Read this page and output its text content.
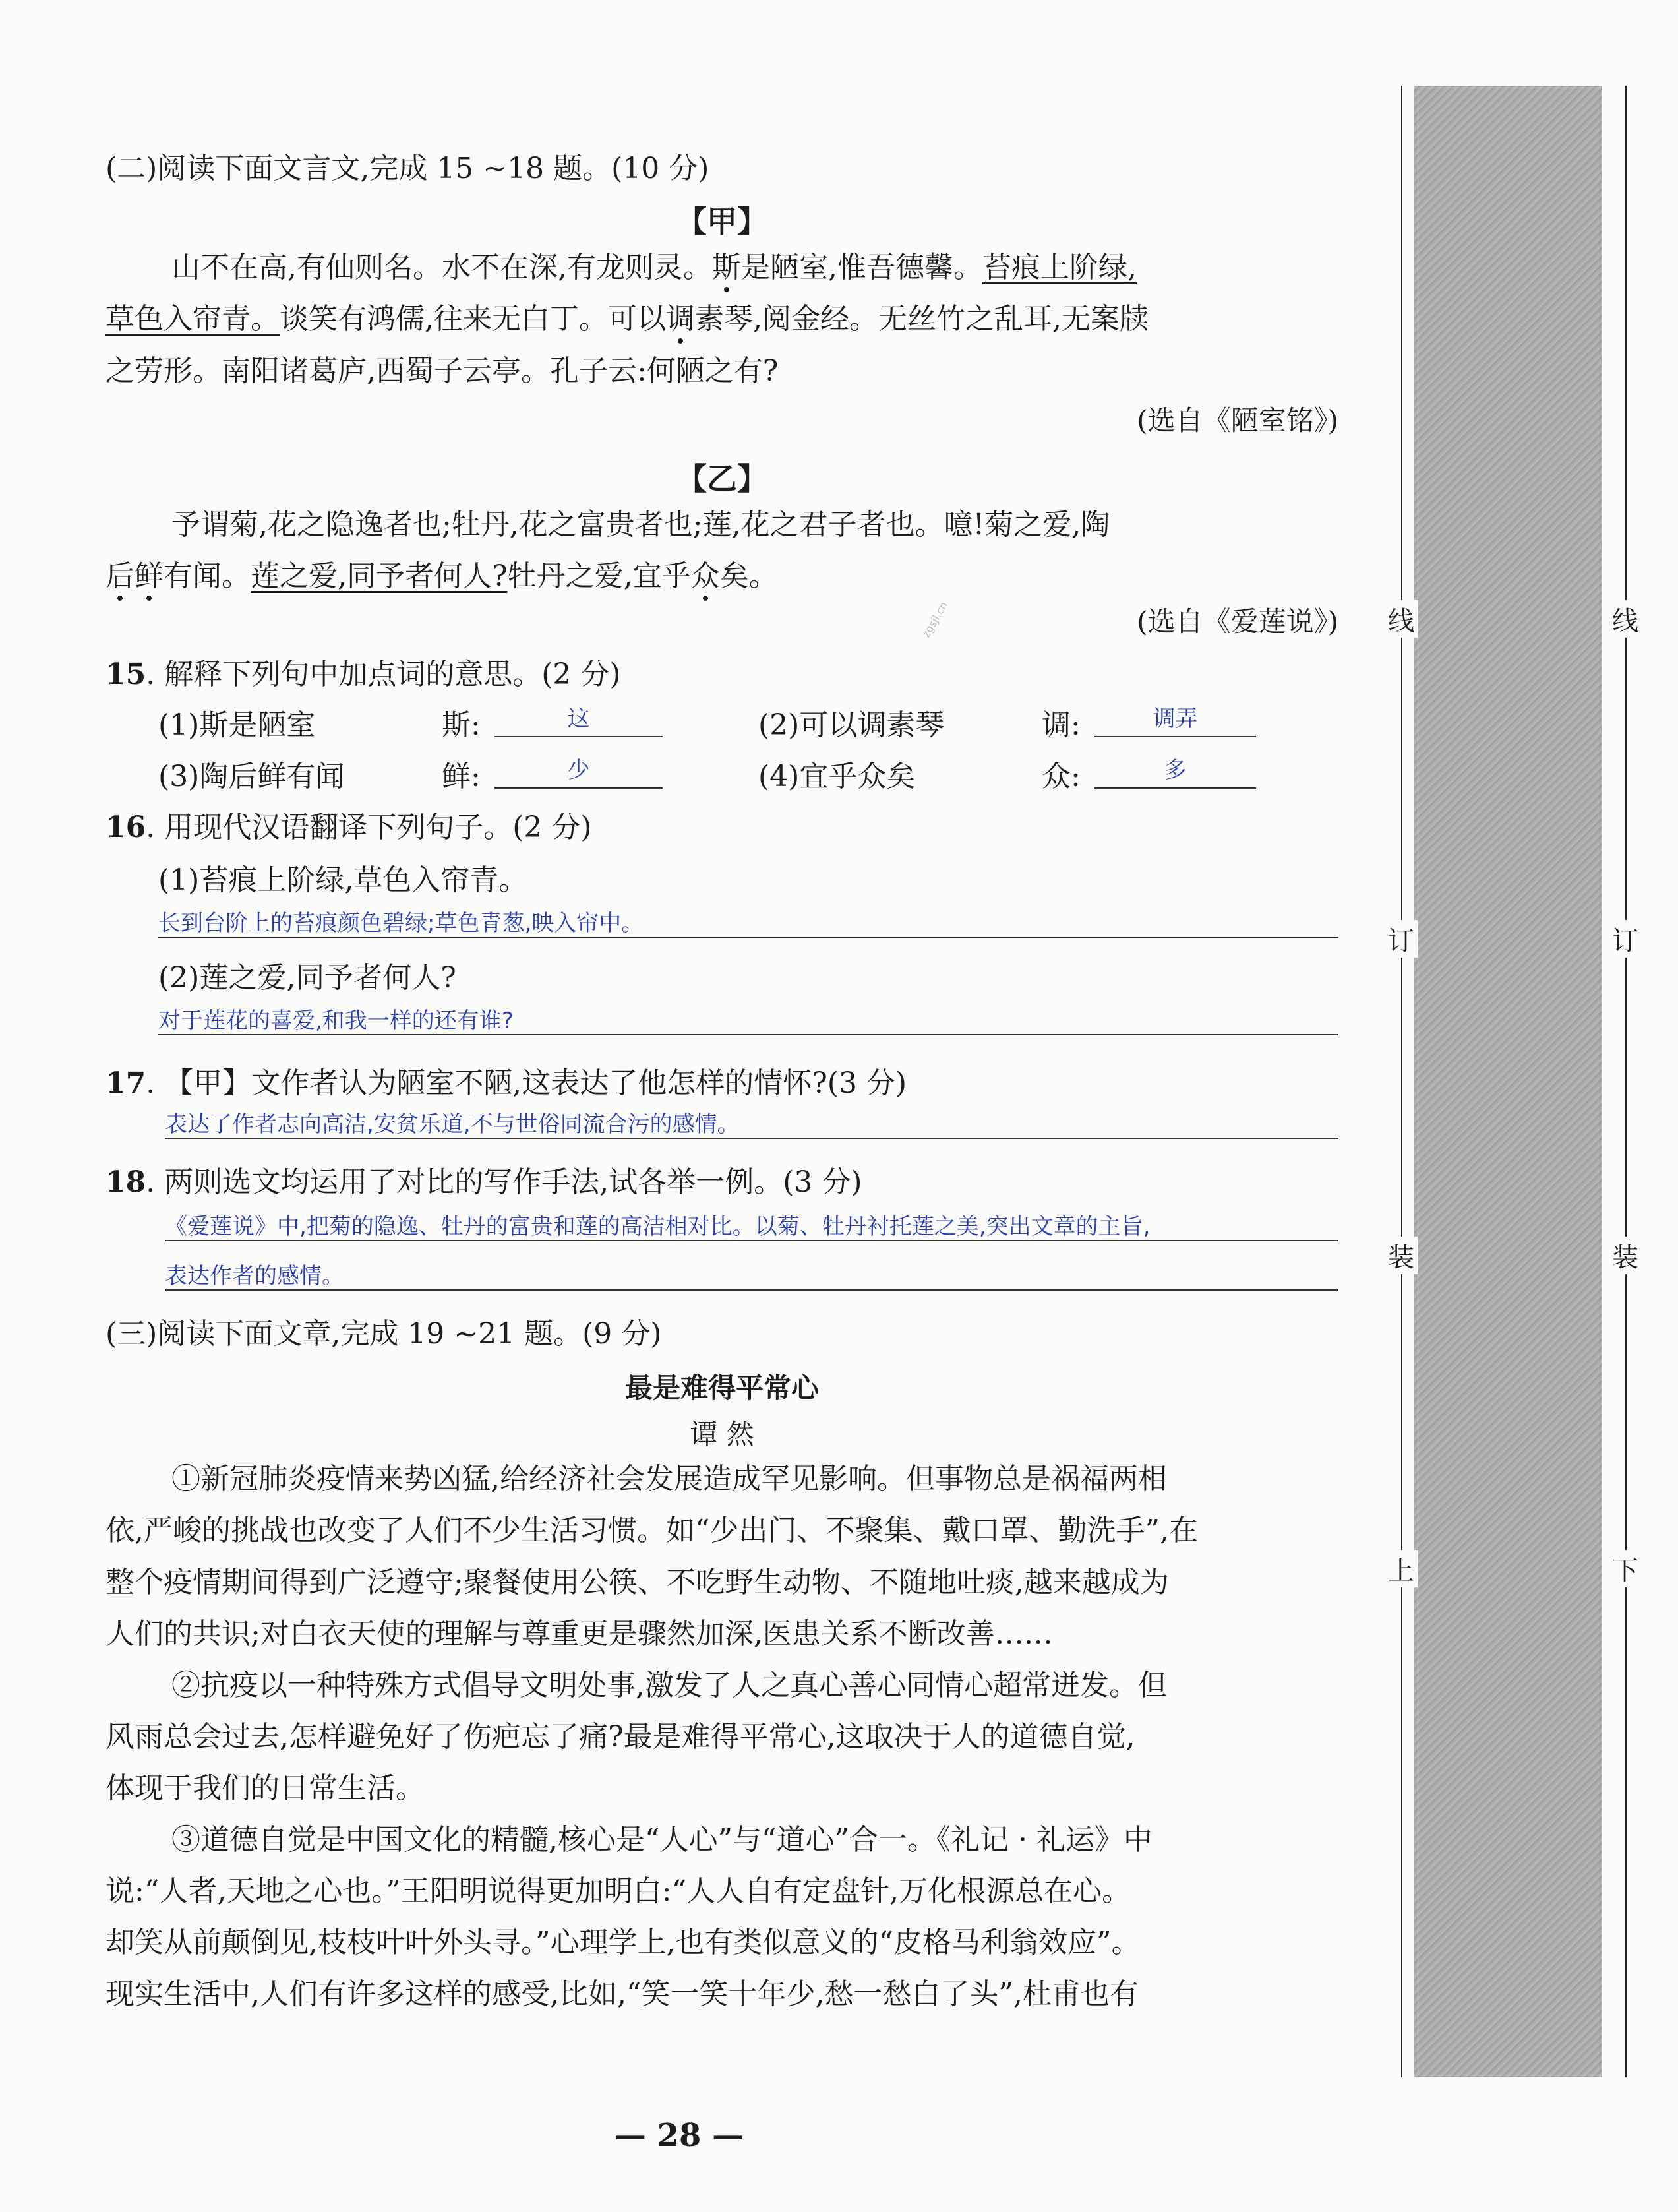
(二)阅读下面文言文,完成 15 ~18 题。(10 分)
【甲】
山不在高,有仙则名。水不在深,有龙则灵。斯是陋室,惟吾德馨。苔痕上阶绿,
草色入帘青。谈笑有鸿儒,往来无白丁。可以调素琴,阅金经。无丝竹之乱耳,无案牍
之劳形。南阳诸葛庐,西蜀子云亭。孔子云:何陋之有?
(选自《陋室铭》)
【乙】
予谓菊,花之隐逸者也;牡丹,花之富贵者也;莲,花之君子者也。噫!菊之爱,陶
后鲜有闻。莲之爱,同予者何人?牡丹之爱,宜乎众矣。
(选自《爱莲说》)
zgsjl.cn
15. 解释下列句中加点词的意思。(2 分)
(1)斯是陋室	斯:	这	(2)可以调素琴	调:	调弄
(3)陶后鲜有闻	鲜:	少	(4)宜乎众矣	众:	多
16. 用现代汉语翻译下列句子。(2 分)
(1)苔痕上阶绿,草色入帘青。
长到台阶上的苔痕颜色碧绿;草色青葱,映入帘中。
(2)莲之爱,同予者何人?
对于莲花的喜爱,和我一样的还有谁?
17. 【甲】文作者认为陋室不陋,这表达了他怎样的情怀?(3 分)
表达了作者志向高洁,安贫乐道,不与世俗同流合污的感情。
18. 两则选文均运用了对比的写作手法,试各举一例。(3 分)
《爱莲说》中,把菊的隐逸、牡丹的富贵和莲的高洁相对比。以菊、牡丹衬托莲之美,突出文章的主旨,
表达作者的感情。
(三)阅读下面文章,完成 19 ~21 题。(9 分)
最是难得平常心
谭 然
①新冠肺炎疫情来势凶猛,给经济社会发展造成罕见影响。但事物总是祸福两相
依,严峻的挑战也改变了人们不少生活习惯。如“少出门、不聚集、戴口罩、勤洗手”,在
整个疫情期间得到广泛遵守;聚餐使用公筷、不吃野生动物、不随地吐痰,越来越成为
人们的共识;对白衣天使的理解与尊重更是骤然加深,医患关系不断改善……
②抗疫以一种特殊方式倡导文明处事,激发了人之真心善心同情心超常迸发。但
风雨总会过去,怎样避免好了伤疤忘了痛?最是难得平常心,这取决于人的道德自觉,
体现于我们的日常生活。
③道德自觉是中国文化的精髓,核心是“人心”与“道心”合一。《礼记 · 礼运》中
说:“人者,天地之心也。”王阳明说得更加明白:“人人自有定盘针,万化根源总在心。
却笑从前颠倒见,枝枝叶叶外头寻。”心理学上,也有类似意义的“皮格马利翁效应”。
现实生活中,人们有许多这样的感受,比如,“笑一笑十年少,愁一愁白了头”,杜甫也有
线
订
装
上
线
订
装
下
— 28 —
